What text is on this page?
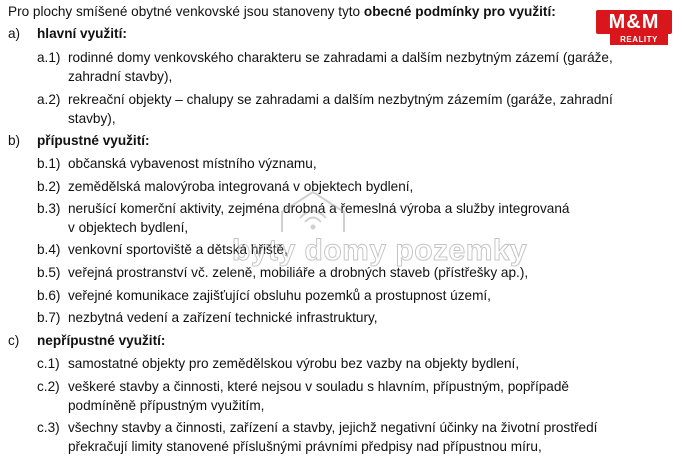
Pro plochy smíšené obytné venkovské jsou stanoveny tyto obecné podmínky pro využití:
a) hlavní využití:
a.1) rodinné domy venkovského charakteru se zahradami a dalším nezbytným zázemí (garáže,
zahradní stavby),
a.2) rekreační objekty – chalupy se zahradami a dalším nezbytným zázemím (garáže, zahradní
stavby),
b) přípustné využití:
b.1) občanská vybavenost místního významu,
b.2) zemědělská malovýroba integrovaná v objektech bydlení,
b.3) nerušící komerční aktivity, zejména drobná a řemeslná výroba a služby integrovaná
v objektech bydlení,
b.4) venkovní sportoviště a dětská hřiště,
b.5) veřejná prostranství vč. zeleně, mobiliáře a drobných staveb (přístřešky ap.),
b.6) veřejné komunikace zajišťující obsluhu pozemků a prostupnost území,
b.7) nezbytná vedení a zařízení technické infrastruktury,
c) nepřípustné využití:
c.1) samostatné objekty pro zemědělskou výrobu bez vazby na objekty bydlení,
c.2) veškeré stavby a činnosti, které nejsou v souladu s hlavním, přípustným, popřípadě
podmíněně přípustným využitím,
c.3) všechny stavby a činnosti, zařízení a stavby, jejichž negativní účinky na životní prostředí
překračují limity stanovené příslušnými právními předpisy nad přípustnou míru,
byty domy pozemky
M&M
REALITY
